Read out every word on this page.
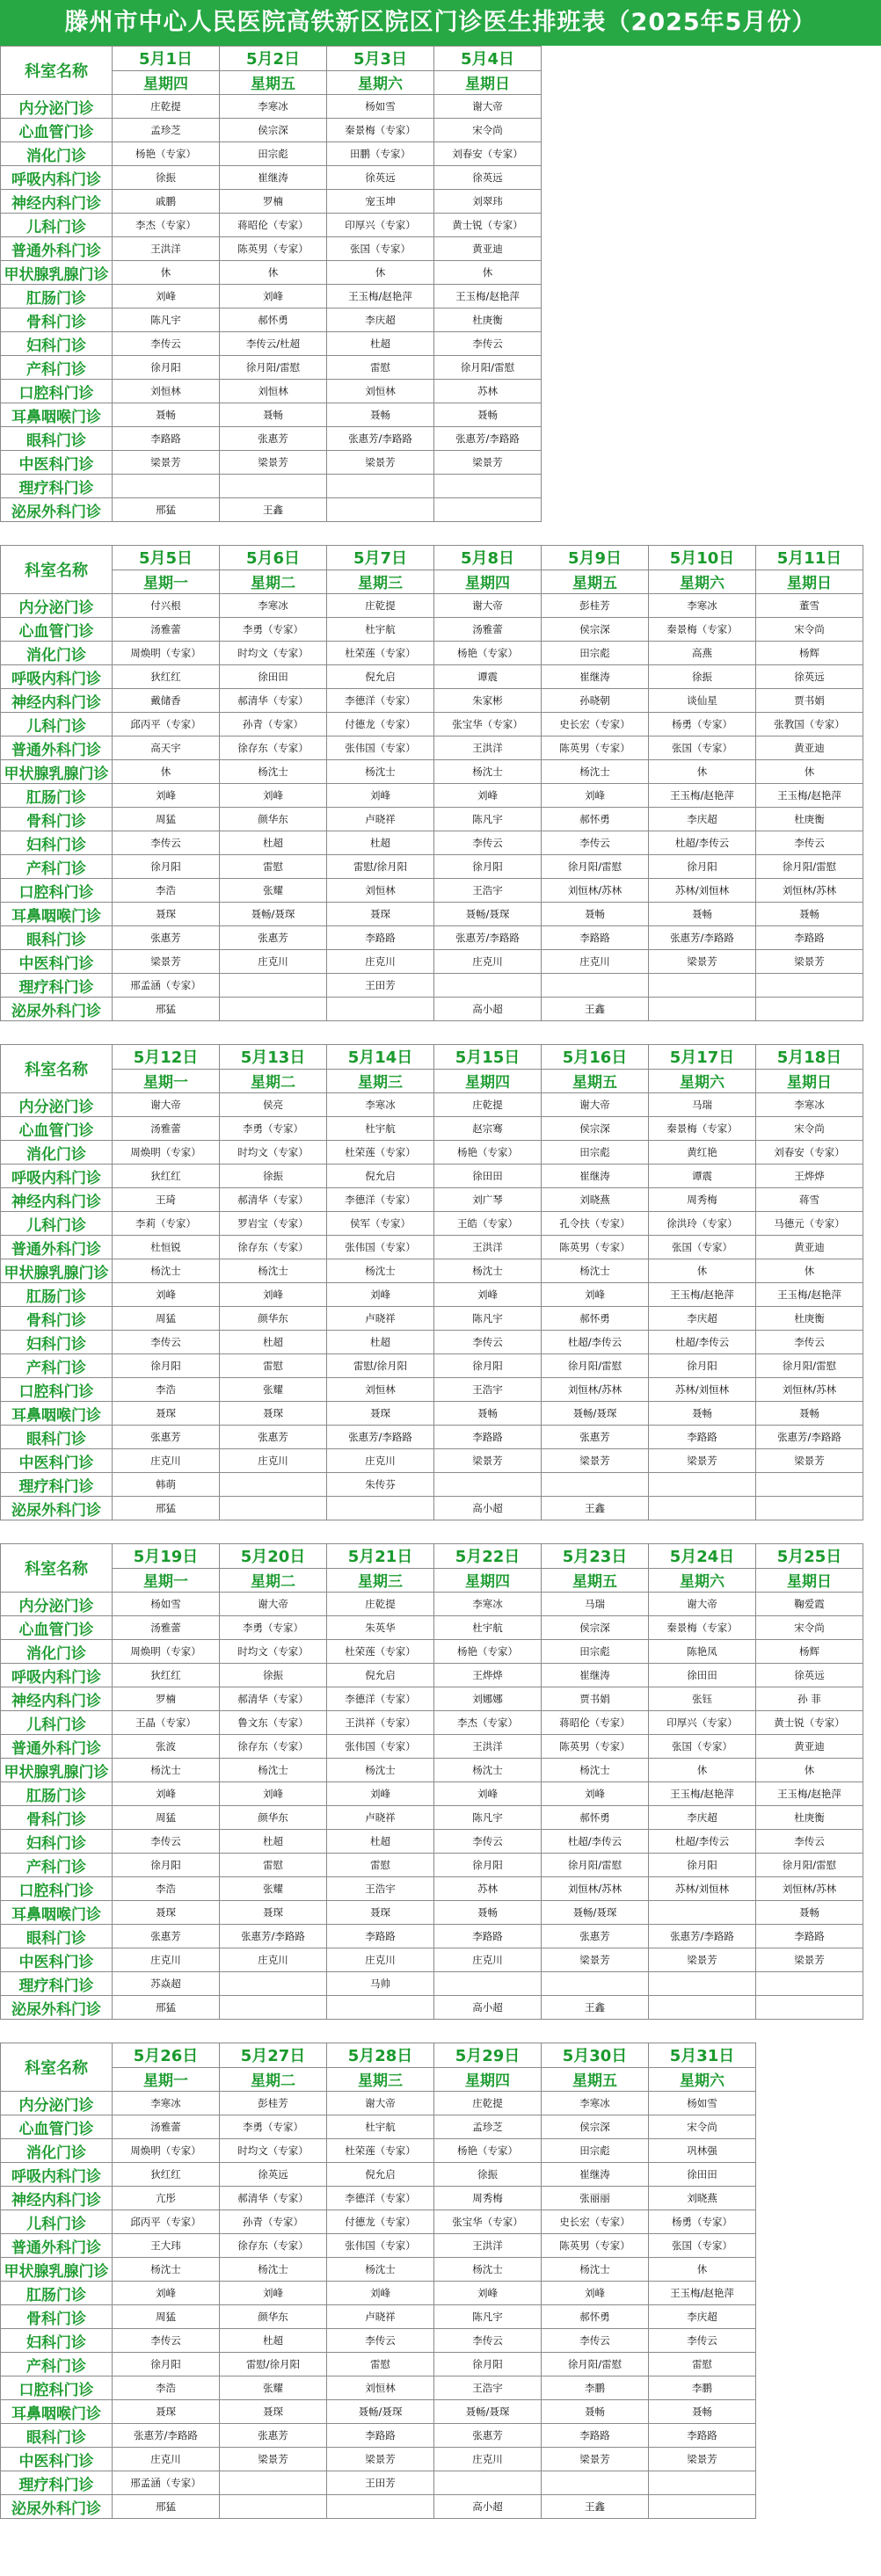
滕州市中心人民医院高铁新区院区门诊医生排班表（2025年5月份）
科室名称	5月1日	5月2日	5月3日	5月4日
	星期四	星期五	星期六	星期日
内分泌门诊	庄乾提	李寒冰	杨如雪	谢大帝
心血管门诊	孟珍芝	侯宗深	秦景梅（专家）	宋令尚
消化门诊	杨艳（专家）	田宗彪	田鹏（专家）	刘春安（专家）
呼吸内科门诊	徐振	崔继涛	徐英远	徐英远
神经内科门诊	戚鹏	罗楠	宠玉坤	刘翠玮
儿科门诊	李杰（专家）	蒋昭伦（专家）	印厚兴（专家）	黄士锐（专家）
普通外科门诊	王洪洋	陈英男（专家）	张国（专家）	黄亚迪
甲状腺乳腺门诊	休	休	休	休
肛肠门诊	刘峰	刘峰	王玉梅/赵艳萍	王玉梅/赵艳萍
骨科门诊	陈凡宇	郝怀勇	李庆超	杜庚衡
妇科门诊	李传云	李传云/杜超	杜超	李传云
产科门诊	徐月阳	徐月阳/雷慰	雷慰	徐月阳/雷慰
口腔科门诊	刘恒林	刘恒林	刘恒林	苏林
耳鼻咽喉门诊	聂畅	聂畅	聂畅	聂畅
眼科门诊	李路路	张惠芳	张惠芳/李路路	张惠芳/李路路
中医科门诊	梁景芳	梁景芳	梁景芳	梁景芳
理疗科门诊				
泌尿外科门诊	邢猛	王鑫		
科室名称	5月5日	5月6日	5月7日	5月8日	5月9日	5月10日	5月11日
	星期一	星期二	星期三	星期四	星期五	星期六	星期日
内分泌门诊	付兴根	李寒冰	庄乾提	谢大帝	彭桂芳	李寒冰	董雪
心血管门诊	汤雅蕾	李勇（专家）	杜宇航	汤雅蕾	侯宗深	秦景梅（专家）	宋令尚
消化门诊	周焕明（专家）	时均文（专家）	杜荣莲（专家）	杨艳（专家）	田宗彪	高燕	杨辉
呼吸内科门诊	狄红红	徐田田	倪允启	谭震	崔继涛	徐振	徐英远
神经内科门诊	戴储香	郝清华（专家）	李德洋（专家）	朱家彬	孙晓朝	谈仙星	贾书娟
儿科门诊	邱丙平（专家）	孙青（专家）	付德龙（专家）	张宝华（专家）	史长宏（专家）	杨勇（专家）	张教国（专家）
普通外科门诊	高天宇	徐存东（专家）	张伟国（专家）	王洪洋	陈英男（专家）	张国（专家）	黄亚迪
甲状腺乳腺门诊	休	杨沈士	杨沈士	杨沈士	杨沈士	休	休
肛肠门诊	刘峰	刘峰	刘峰	刘峰	刘峰	王玉梅/赵艳萍	王玉梅/赵艳萍
骨科门诊	周猛	颜华东	卢晓祥	陈凡宇	郝怀勇	李庆超	杜庚衡
妇科门诊	李传云	杜超	杜超	李传云	李传云	杜超/李传云	李传云
产科门诊	徐月阳	雷慰	雷慰/徐月阳	徐月阳	徐月阳/雷慰	徐月阳	徐月阳/雷慰
口腔科门诊	李浩	张耀	刘恒林	王浩宇	刘恒林/苏林	苏林/刘恒林	刘恒林/苏林
耳鼻咽喉门诊	聂琛	聂畅/聂琛	聂琛	聂畅/聂琛	聂畅	聂畅	聂畅
眼科门诊	张惠芳	张惠芳	李路路	张惠芳/李路路	李路路	张惠芳/李路路	李路路
中医科门诊	梁景芳	庄克川	庄克川	庄克川	庄克川	梁景芳	梁景芳
理疗科门诊	邢孟涵（专家）		王田芳				
泌尿外科门诊	邢猛			高小超	王鑫		
科室名称	5月12日	5月13日	5月14日	5月15日	5月16日	5月17日	5月18日
	星期一	星期二	星期三	星期四	星期五	星期六	星期日
内分泌门诊	谢大帝	侯亮	李寒冰	庄乾提	谢大帝	马瑞	李寒冰
心血管门诊	汤雅蕾	李勇（专家）	杜宇航	赵宗骞	侯宗深	秦景梅（专家）	宋令尚
消化门诊	周焕明（专家）	时均文（专家）	杜荣莲（专家）	杨艳（专家）	田宗彪	黄红艳	刘春安（专家）
呼吸内科门诊	狄红红	徐振	倪允启	徐田田	崔继涛	谭震	王烨烨
神经内科门诊	王琦	郝清华（专家）	李德洋（专家）	刘广琴	刘晓燕	周秀梅	蒋雪
儿科门诊	李莉（专家）	罗岩宝（专家）	侯军（专家）	王皓（专家）	孔令扶（专家）	徐洪玲（专家）	马德元（专家）
普通外科门诊	杜恒锐	徐存东（专家）	张伟国（专家）	王洪洋	陈英男（专家）	张国（专家）	黄亚迪
甲状腺乳腺门诊	杨沈士	杨沈士	杨沈士	杨沈士	杨沈士	休	休
肛肠门诊	刘峰	刘峰	刘峰	刘峰	刘峰	王玉梅/赵艳萍	王玉梅/赵艳萍
骨科门诊	周猛	颜华东	卢晓祥	陈凡宇	郝怀勇	李庆超	杜庚衡
妇科门诊	李传云	杜超	杜超	李传云	杜超/李传云	杜超/李传云	李传云
产科门诊	徐月阳	雷慰	雷慰/徐月阳	徐月阳	徐月阳/雷慰	徐月阳	徐月阳/雷慰
口腔科门诊	李浩	张耀	刘恒林	王浩宇	刘恒林/苏林	苏林/刘恒林	刘恒林/苏林
耳鼻咽喉门诊	聂琛	聂琛	聂琛	聂畅	聂畅/聂琛	聂畅	聂畅
眼科门诊	张惠芳	张惠芳	张惠芳/李路路	李路路	张惠芳	李路路	张惠芳/李路路
中医科门诊	庄克川	庄克川	庄克川	梁景芳	梁景芳	梁景芳	梁景芳
理疗科门诊	韩萌		朱传芬				
泌尿外科门诊	邢猛			高小超	王鑫		
科室名称	5月19日	5月20日	5月21日	5月22日	5月23日	5月24日	5月25日
	星期一	星期二	星期三	星期四	星期五	星期六	星期日
内分泌门诊	杨如雪	谢大帝	庄乾提	李寒冰	马瑞	谢大帝	鞠爱霞
心血管门诊	汤雅蕾	李勇（专家）	朱英华	杜宇航	侯宗深	秦景梅（专家）	宋令尚
消化门诊	周焕明（专家）	时均文（专家）	杜荣莲（专家）	杨艳（专家）	田宗彪	陈艳凤	杨辉
呼吸内科门诊	狄红红	徐振	倪允启	王烨烨	崔继涛	徐田田	徐英远
神经内科门诊	罗楠	郝清华（专家）	李德洋（专家）	刘娜娜	贾书娟	张钰	孙 菲
儿科门诊	王晶（专家）	鲁文东（专家）	王洪祥（专家）	李杰（专家）	蒋昭伦（专家）	印厚兴（专家）	黄士锐（专家）
普通外科门诊	张波	徐存东（专家）	张伟国（专家）	王洪洋	陈英男（专家）	张国（专家）	黄亚迪
甲状腺乳腺门诊	杨沈士	杨沈士	杨沈士	杨沈士	杨沈士	休	休
肛肠门诊	刘峰	刘峰	刘峰	刘峰	刘峰	王玉梅/赵艳萍	王玉梅/赵艳萍
骨科门诊	周猛	颜华东	卢晓祥	陈凡宇	郝怀勇	李庆超	杜庚衡
妇科门诊	李传云	杜超	杜超	李传云	杜超/李传云	杜超/李传云	李传云
产科门诊	徐月阳	雷慰	雷慰	徐月阳	徐月阳/雷慰	徐月阳	徐月阳/雷慰
口腔科门诊	李浩	张耀	王浩宇	苏林	刘恒林/苏林	苏林/刘恒林	刘恒林/苏林
耳鼻咽喉门诊	聂琛	聂琛	聂琛	聂畅	聂畅/聂琛		聂畅
眼科门诊	张惠芳	张惠芳/李路路	李路路	李路路	张惠芳	张惠芳/李路路	李路路
中医科门诊	庄克川	庄克川	庄克川	庄克川	梁景芳	梁景芳	梁景芳
理疗科门诊	苏焱超		马帅				
泌尿外科门诊	邢猛			高小超	王鑫		
科室名称	5月26日	5月27日	5月28日	5月29日	5月30日	5月31日
	星期一	星期二	星期三	星期四	星期五	星期六
内分泌门诊	李寒冰	彭桂芳	谢大帝	庄乾提	李寒冰	杨如雪
心血管门诊	汤雅蕾	李勇（专家）	杜宇航	孟珍芝	侯宗深	宋令尚
消化门诊	周焕明（专家）	时均文（专家）	杜荣莲（专家）	杨艳（专家）	田宗彪	巩林强
呼吸内科门诊	狄红红	徐英远	倪允启	徐振	崔继涛	徐田田
神经内科门诊	亢彤	郝清华（专家）	李德洋（专家）	周秀梅	张丽丽	刘晓燕
儿科门诊	邱丙平（专家）	孙青（专家）	付德龙（专家）	张宝华（专家）	史长宏（专家）	杨勇（专家）
普通外科门诊	王大玮	徐存东（专家）	张伟国（专家）	王洪洋	陈英男（专家）	张国（专家）
甲状腺乳腺门诊	杨沈士	杨沈士	杨沈士	杨沈士	杨沈士	休
肛肠门诊	刘峰	刘峰	刘峰	刘峰	刘峰	王玉梅/赵艳萍
骨科门诊	周猛	颜华东	卢晓祥	陈凡宇	郝怀勇	李庆超
妇科门诊	李传云	杜超	李传云	李传云	李传云	李传云
产科门诊	徐月阳	雷慰/徐月阳	雷慰	徐月阳	徐月阳/雷慰	雷慰
口腔科门诊	李浩	张耀	刘恒林	王浩宇	李鹏	李鹏
耳鼻咽喉门诊	聂琛	聂琛	聂畅/聂琛	聂畅/聂琛	聂畅	聂畅
眼科门诊	张惠芳/李路路	张惠芳	李路路	张惠芳	李路路	李路路
中医科门诊	庄克川	梁景芳	梁景芳	庄克川	梁景芳	梁景芳
理疗科门诊	邢孟涵（专家）		王田芳			
泌尿外科门诊	邢猛			高小超	王鑫	
